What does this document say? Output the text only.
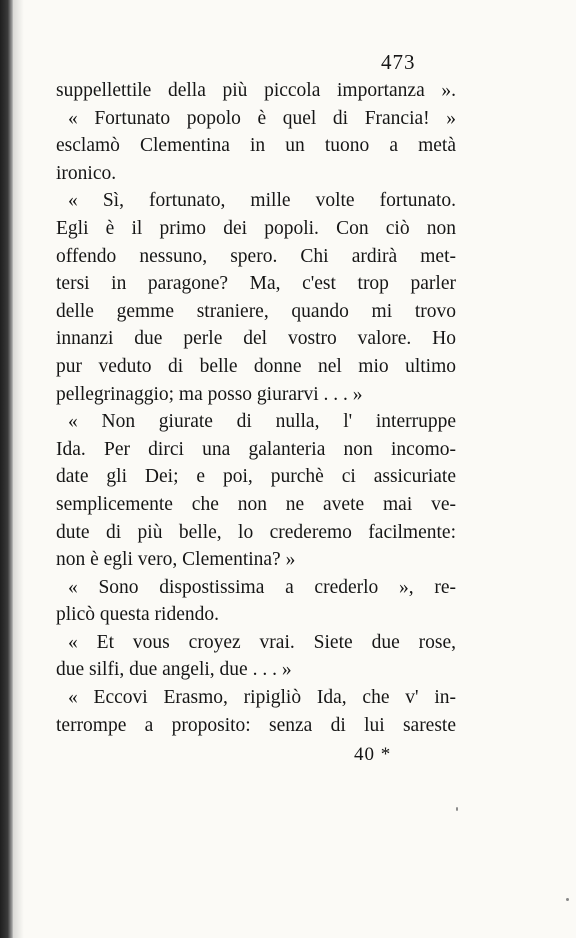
473
suppellettile della più piccola importanza ».
« Fortunato popolo è quel di Francia! »
esclamò Clementina in un tuono a metà
ironico.
« Sì, fortunato, mille volte fortunato.
Egli è il primo dei popoli. Con ciò non
offendo nessuno, spero. Chi ardirà met-
tersi in paragone? Ma, c'est trop parler
delle gemme straniere, quando mi trovo
innanzi due perle del vostro valore. Ho
pur veduto di belle donne nel mio ultimo
pellegrinaggio; ma posso giurarvi . . . »
« Non giurate di nulla, l' interruppe
Ida. Per dirci una galanteria non incomo-
date gli Dei; e poi, purchè ci assicuriate
semplicemente che non ne avete mai ve-
dute di più belle, lo crederemo facilmente:
non è egli vero, Clementina? »
« Sono dispostissima a crederlo », re-
plicò questa ridendo.
« Et vous croyez vrai. Siete due rose,
due silfi, due angeli, due . . . »
« Eccovi Erasmo, ripigliò Ida, che v' in-
terrompe a proposito: senza di lui sareste
40 *
